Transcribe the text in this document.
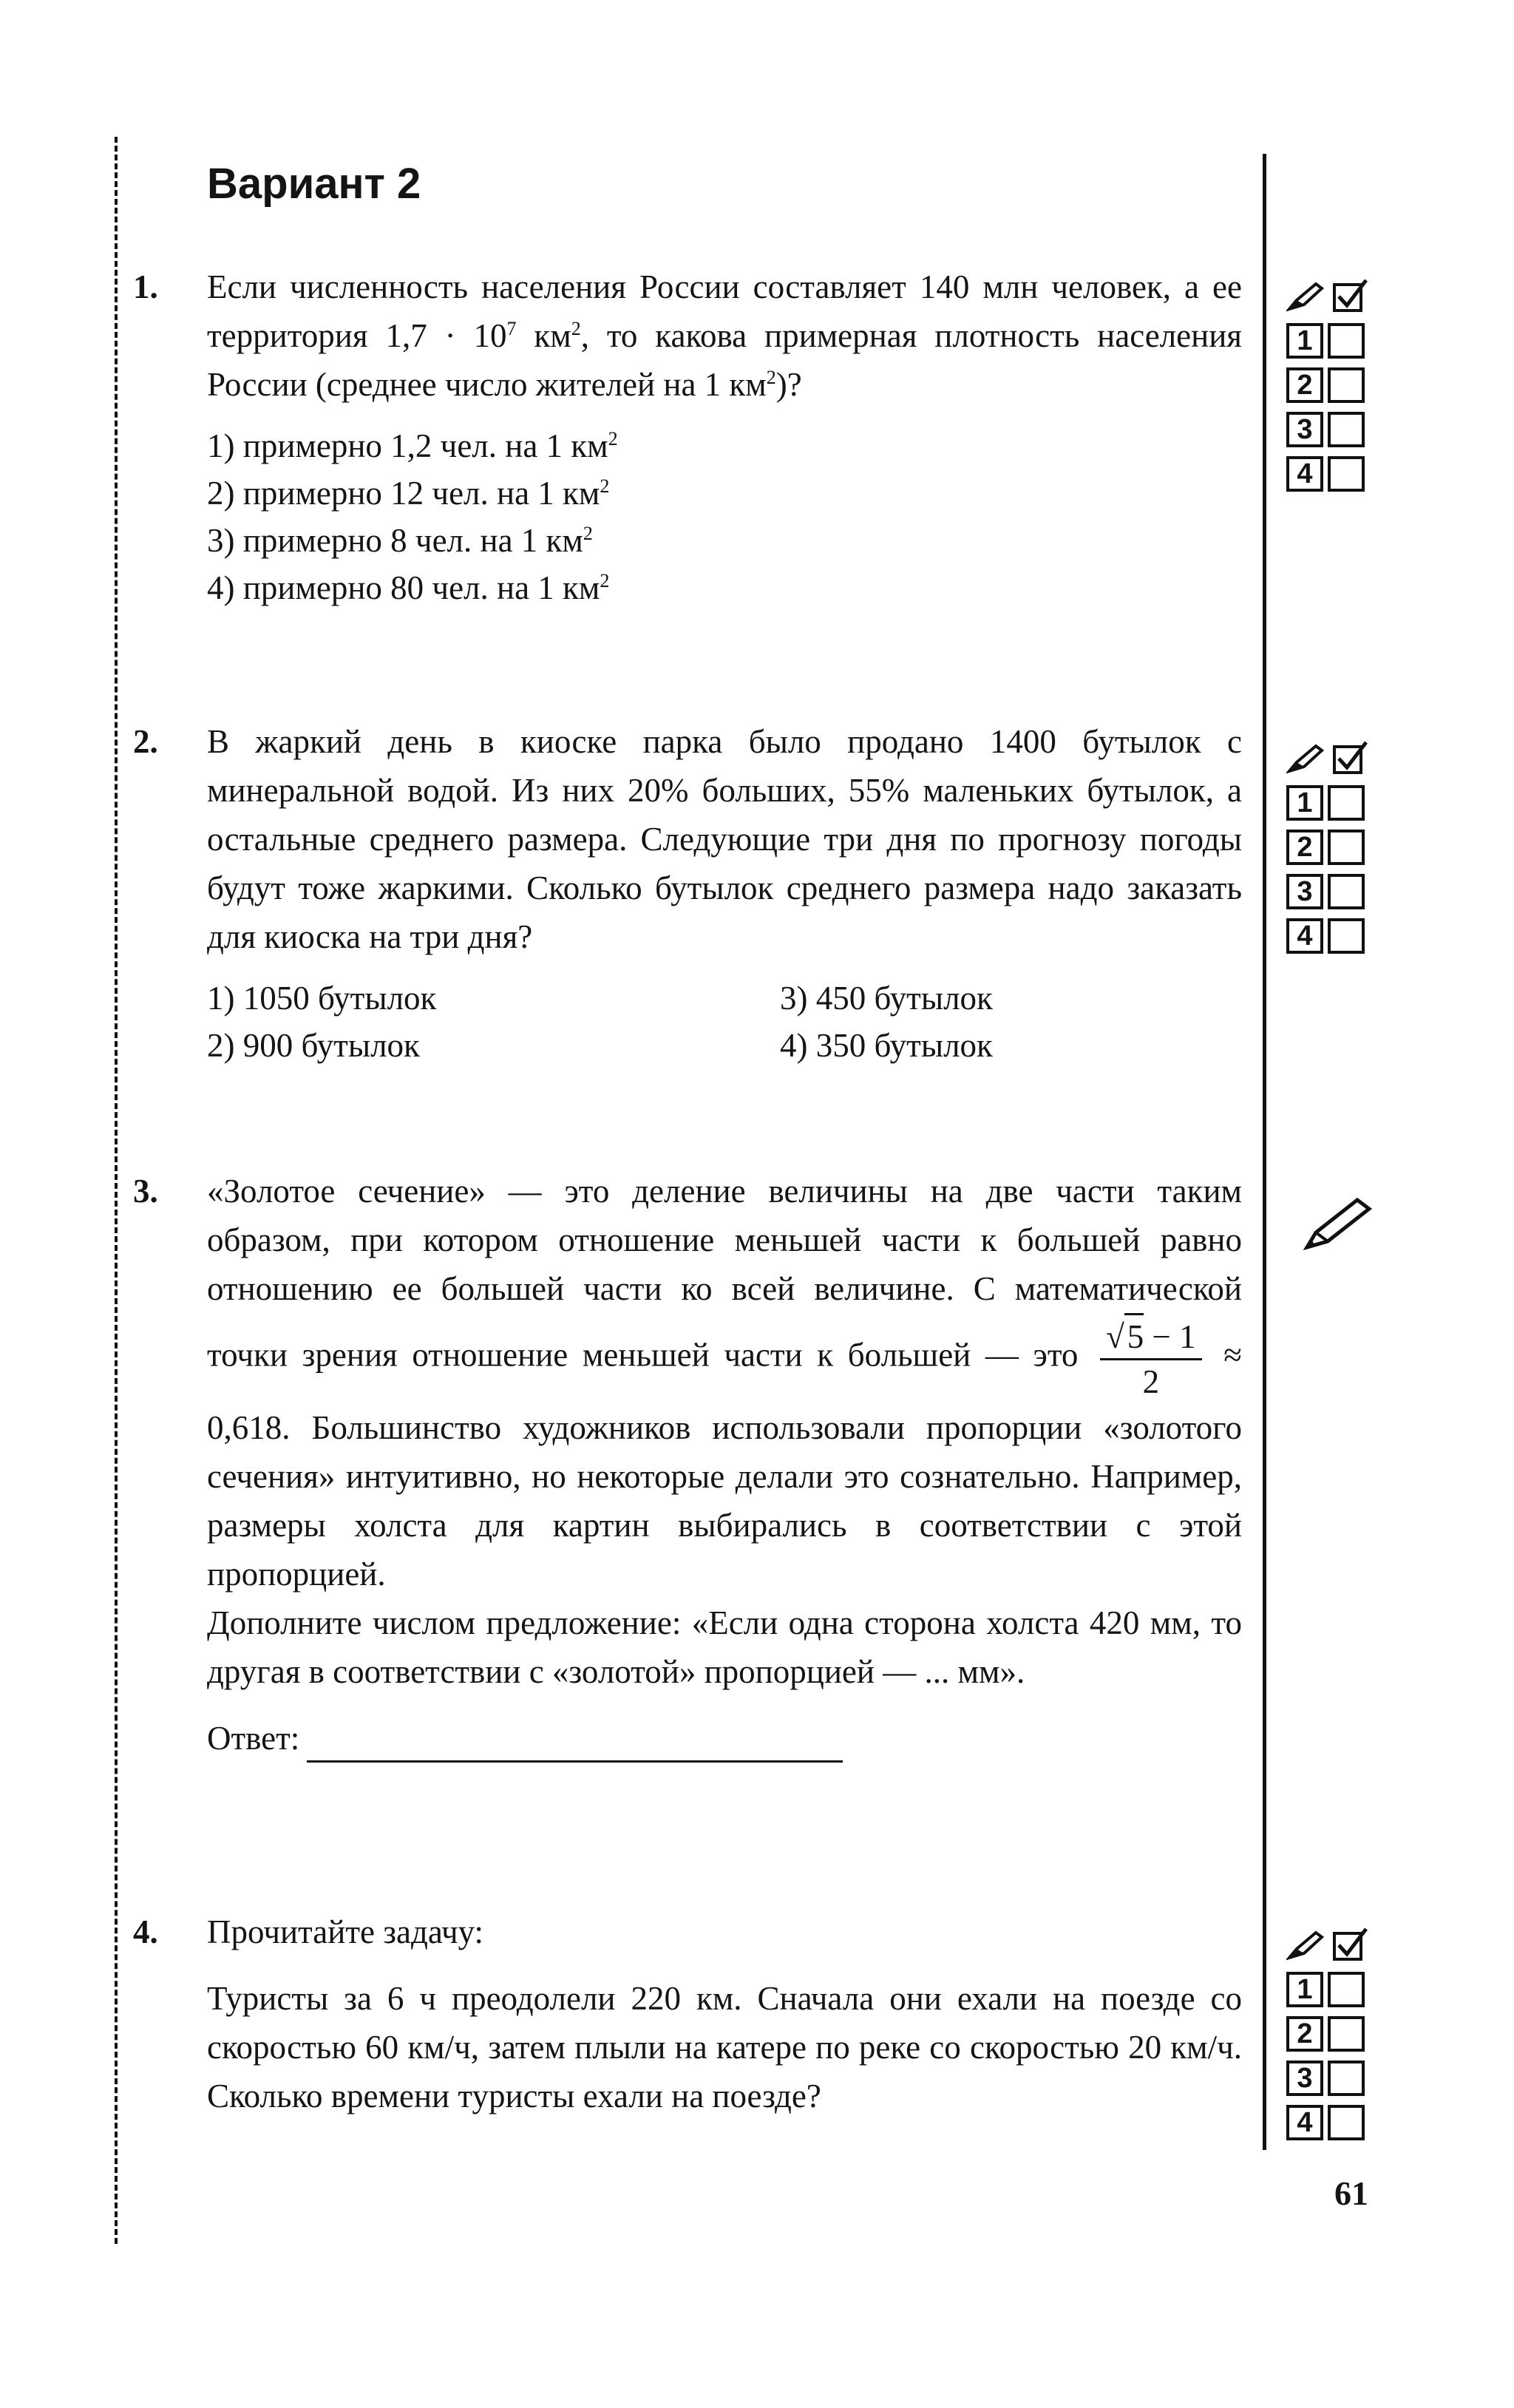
Вариант 2
1. Если численность населения России составляет 140 млн человек, а ее территория $1,7 \cdot 10^7$ $км^2$, то какова примерная плотность населения России (среднее число жителей на 1 $км^2$)?
1) примерно 1,2 чел. на 1 $км^2$
2) примерно 12 чел. на 1 $км^2$
3) примерно 8 чел. на 1 $км^2$
4) примерно 80 чел. на 1 $км^2$
2. В жаркий день в киоске парка было продано 1400 бутылок с минеральной водой. Из них 20% больших, 55% маленьких бутылок, а остальные среднего размера. Следующие три дня по прогнозу погоды будут тоже жаркими. Сколько бутылок среднего размера надо заказать для киоска на три дня?
1) 1050 бутылок	3) 450 бутылок
2) 900 бутылок	4) 350 бутылок
3. «Золотое сечение» — это деление величины на две части таким образом, при котором отношение меньшей части к большей равно отношению ее большей части ко всей величине. С математической точки зрения отношение меньшей части к большей — это $\frac{√5 - 1}{2} \approx 0,618$. Большинство художников использовали пропорции «золотого сечения» интуитивно, но некоторые делали это сознательно. Например, размеры холста для картин выбирались в соответствии с этой пропорцией.
Дополните числом предложение: «Если одна сторона холста 420 мм, то другая в соответствии с «золотой» пропорцией — ... мм».
Ответ:
4. Прочитайте задачу:
Туристы за 6 ч преодолели 220 км. Сначала они ехали на поезде со скоростью 60 км/ч, затем плыли на катере по реке со скоростью 20 км/ч. Сколько времени туристы ехали на поезде?
1
2
3
4
1
2
3
4
1
2
3
4
61
